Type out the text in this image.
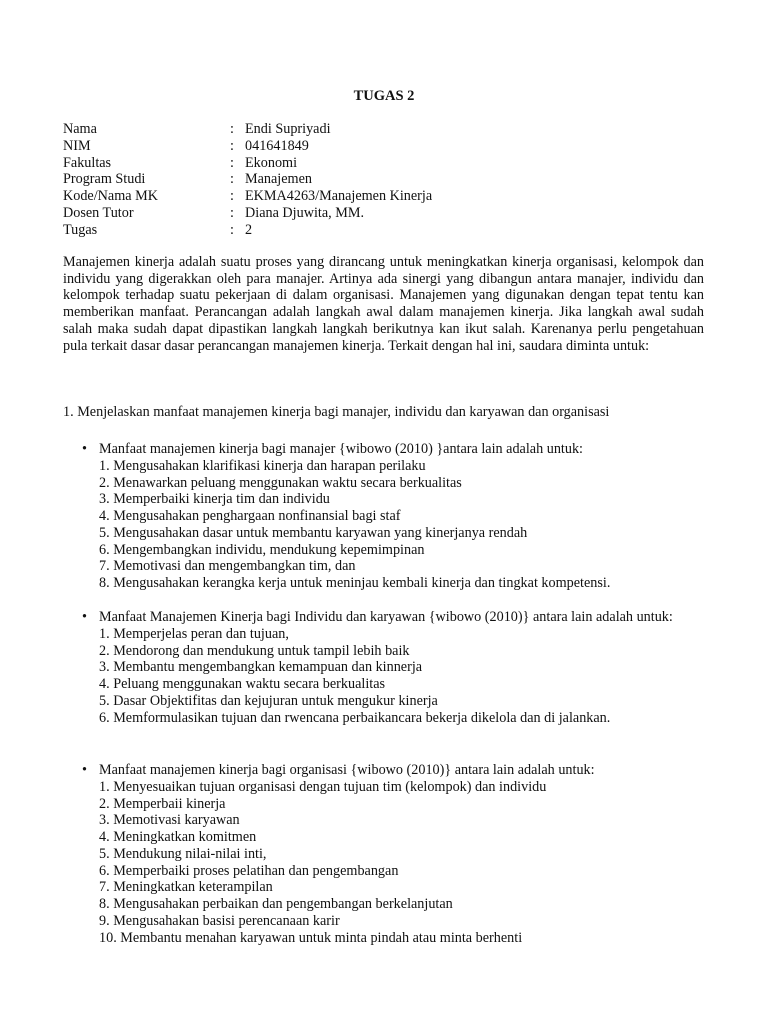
TUGAS 2
Nama	: Endi Supriyadi
NIM	: 041641849
Fakultas	: Ekonomi
Program Studi	: Manajemen
Kode/Nama MK	: EKMA4263/Manajemen Kinerja
Dosen Tutor	: Diana Djuwita, MM.
Tugas	: 2

Manajemen kinerja adalah suatu proses yang dirancang untuk meningkatkan kinerja organisasi, kelompok dan individu yang digerakkan oleh para manajer. Artinya ada sinergi yang dibangun antara manajer, individu dan kelompok terhadap suatu pekerjaan di dalam organisasi. Manajemen yang digunakan dengan tepat tentu kan memberikan manfaat. Perancangan adalah langkah awal dalam manajemen kinerja. Jika langkah awal sudah salah maka sudah dapat dipastikan langkah langkah berikutnya kan ikut salah. Karenanya perlu pengetahuan pula terkait dasar dasar perancangan manajemen kinerja. Terkait dengan hal ini, saudara diminta untuk:

1. Menjelaskan manfaat manajemen kinerja bagi manajer, individu dan karyawan dan organisasi

• Manfaat manajemen kinerja bagi manajer {wibowo (2010) }antara lain adalah untuk:
1. Mengusahakan klarifikasi kinerja dan harapan perilaku
2. Menawarkan peluang menggunakan waktu secara berkualitas
3. Memperbaiki kinerja tim dan individu
4. Mengusahakan penghargaan nonfinansial bagi staf
5. Mengusahakan dasar untuk membantu karyawan yang kinerjanya rendah
6. Mengembangkan individu, mendukung kepemimpinan
7. Memotivasi dan mengembangkan tim, dan
8. Mengusahakan kerangka kerja untuk meninjau kembali kinerja dan tingkat kompetensi.
• Manfaat Manajemen Kinerja bagi Individu dan karyawan {wibowo (2010)} antara lain adalah untuk:
1. Memperjelas peran dan tujuan,
2. Mendorong dan mendukung untuk tampil lebih baik
3. Membantu mengembangkan kemampuan dan kinnerja
4. Peluang menggunakan waktu secara berkualitas
5. Dasar Objektifitas dan kejujuran untuk mengukur kinerja
6. Memformulasikan tujuan dan rwencana perbaikancara bekerja dikelola dan di jalankan.
• Manfaat manajemen kinerja bagi organisasi {wibowo (2010)} antara lain adalah untuk:
1. Menyesuaikan tujuan organisasi dengan tujuan tim (kelompok) dan individu
2. Memperbaii kinerja
3. Memotivasi karyawan
4. Meningkatkan komitmen
5. Mendukung nilai-nilai inti,
6. Memperbaiki proses pelatihan dan pengembangan
7. Meningkatkan keterampilan
8. Mengusahakan perbaikan dan pengembangan berkelanjutan
9. Mengusahakan basisi perencanaan karir
10. Membantu menahan karyawan untuk minta pindah atau minta berhenti
